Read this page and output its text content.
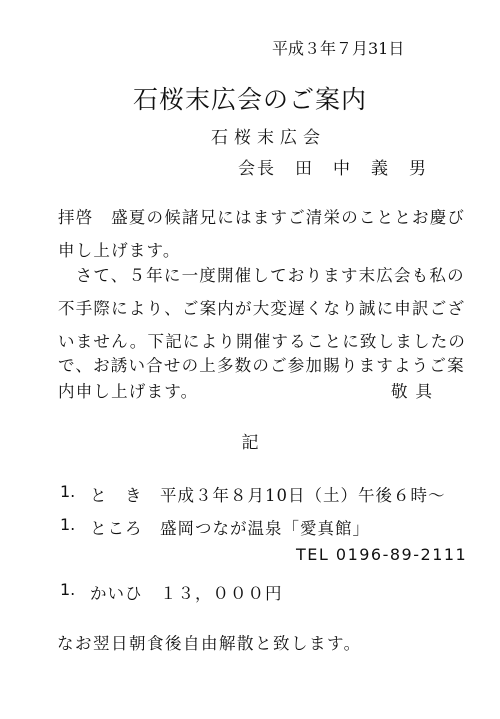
平成３年７月31日
石桜末広会のご案内
石桜末広会
会長　田　中　義　男
拝啓　盛夏の候諸兄にはますご清栄のこととお慶び
申し上げます。
　さて、５年に一度開催しております末広会も私の
不手際により、ご案内が大変遅くなり誠に申訳ござ
いません。下記により開催することに致しましたの
で、お誘い合せの上多数のご参加賜りますようご案
内申し上げます。	敬具
記
1. と　き　平成３年８月10日（土）午後６時〜
1. ところ　盛岡つなが温泉「愛真館」
TEL 0196-89-2111
1. かいひ　１３，０００円
なお翌日朝食後自由解散と致します。
